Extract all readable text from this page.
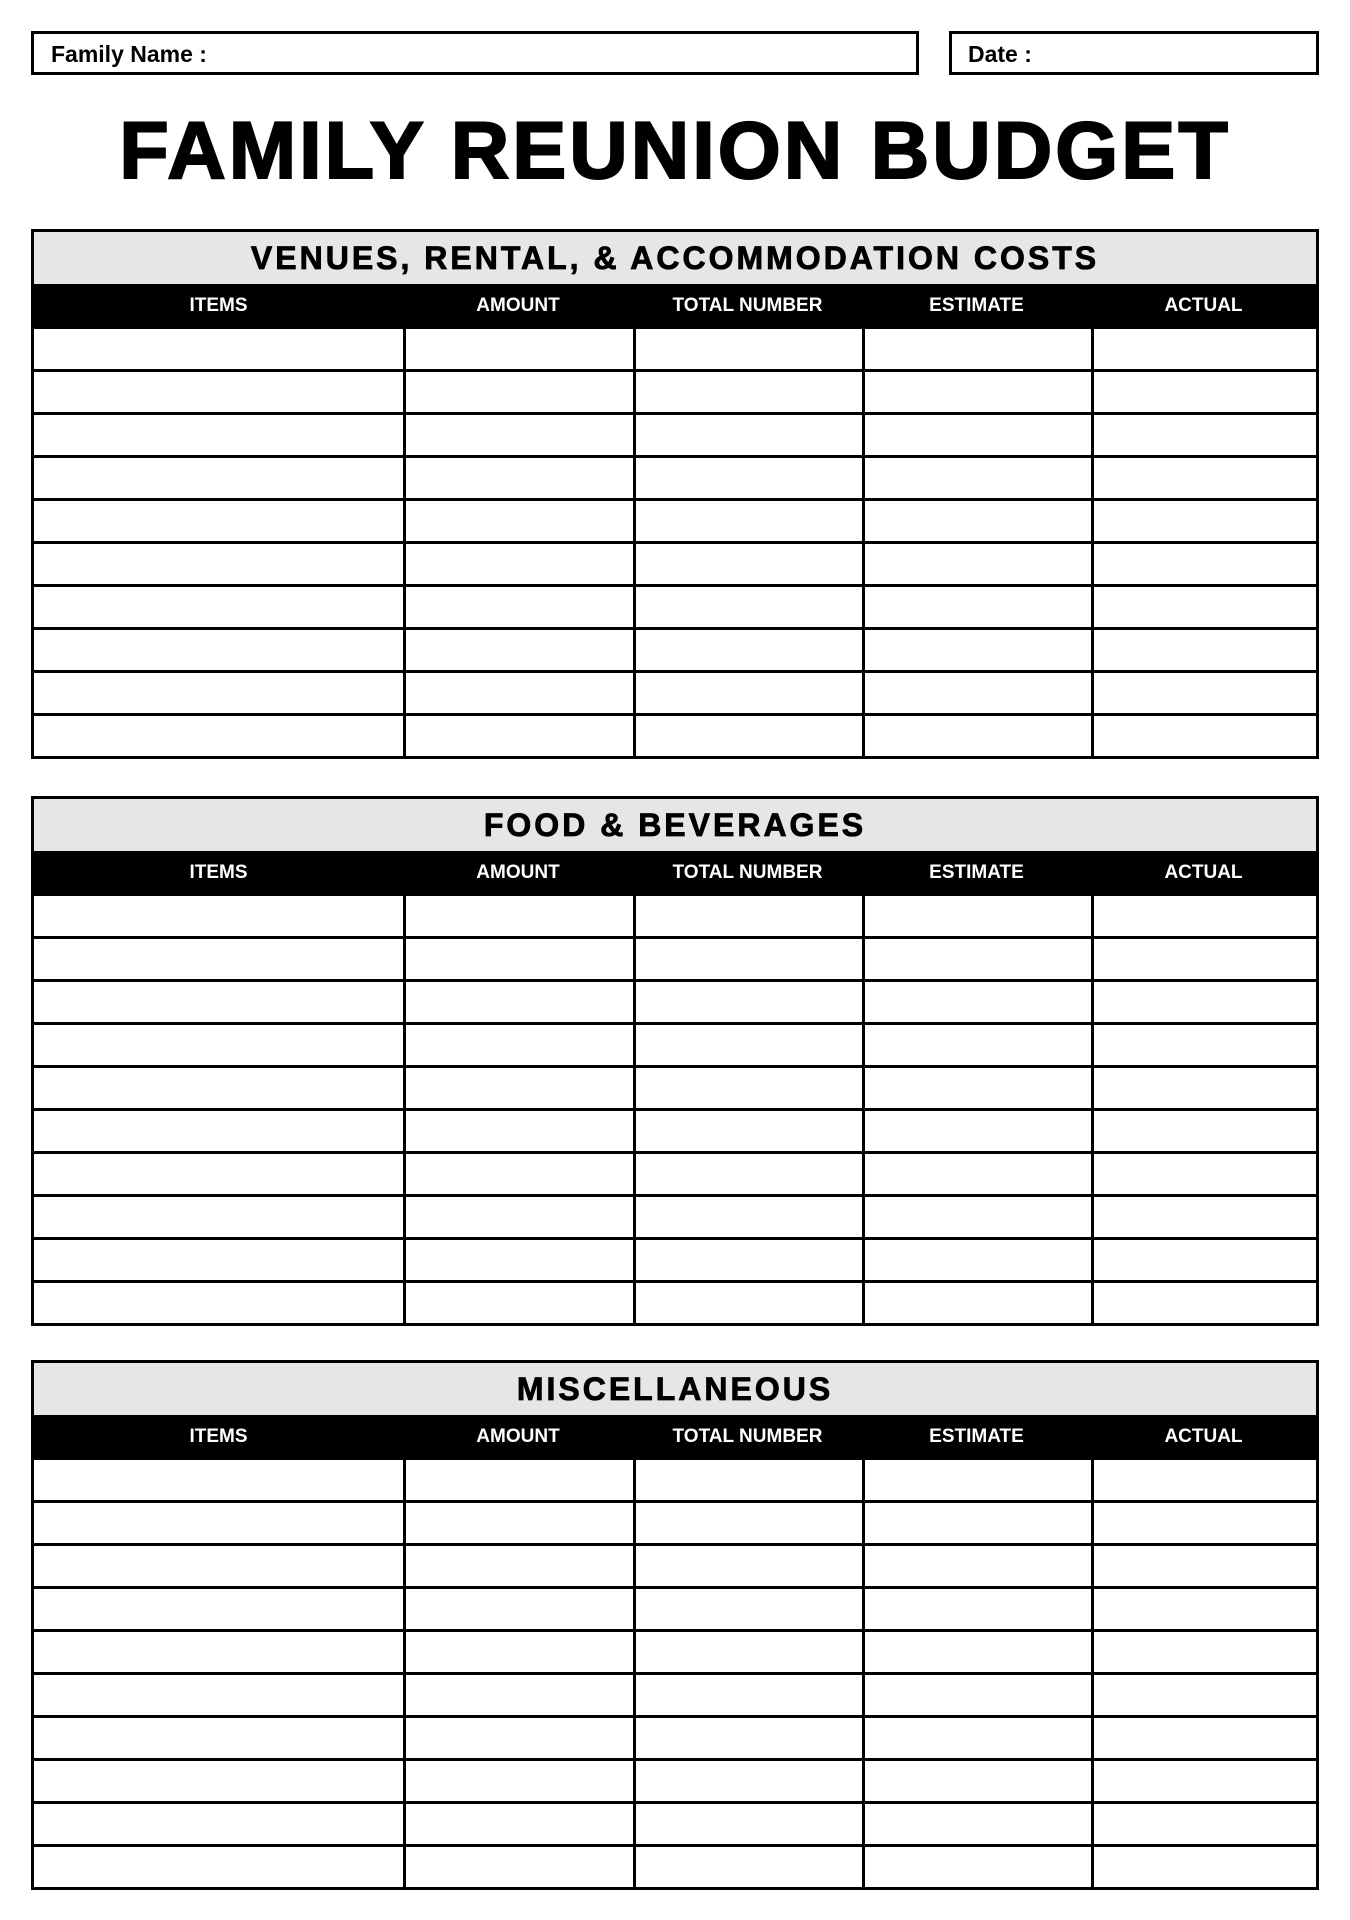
Family Name :	Date :
FAMILY REUNION BUDGET
VENUES, RENTAL, & ACCOMMODATION COSTS
ITEMS	AMOUNT	TOTAL NUMBER	ESTIMATE	ACTUAL
FOOD & BEVERAGES
ITEMS	AMOUNT	TOTAL NUMBER	ESTIMATE	ACTUAL
MISCELLANEOUS
ITEMS	AMOUNT	TOTAL NUMBER	ESTIMATE	ACTUAL
